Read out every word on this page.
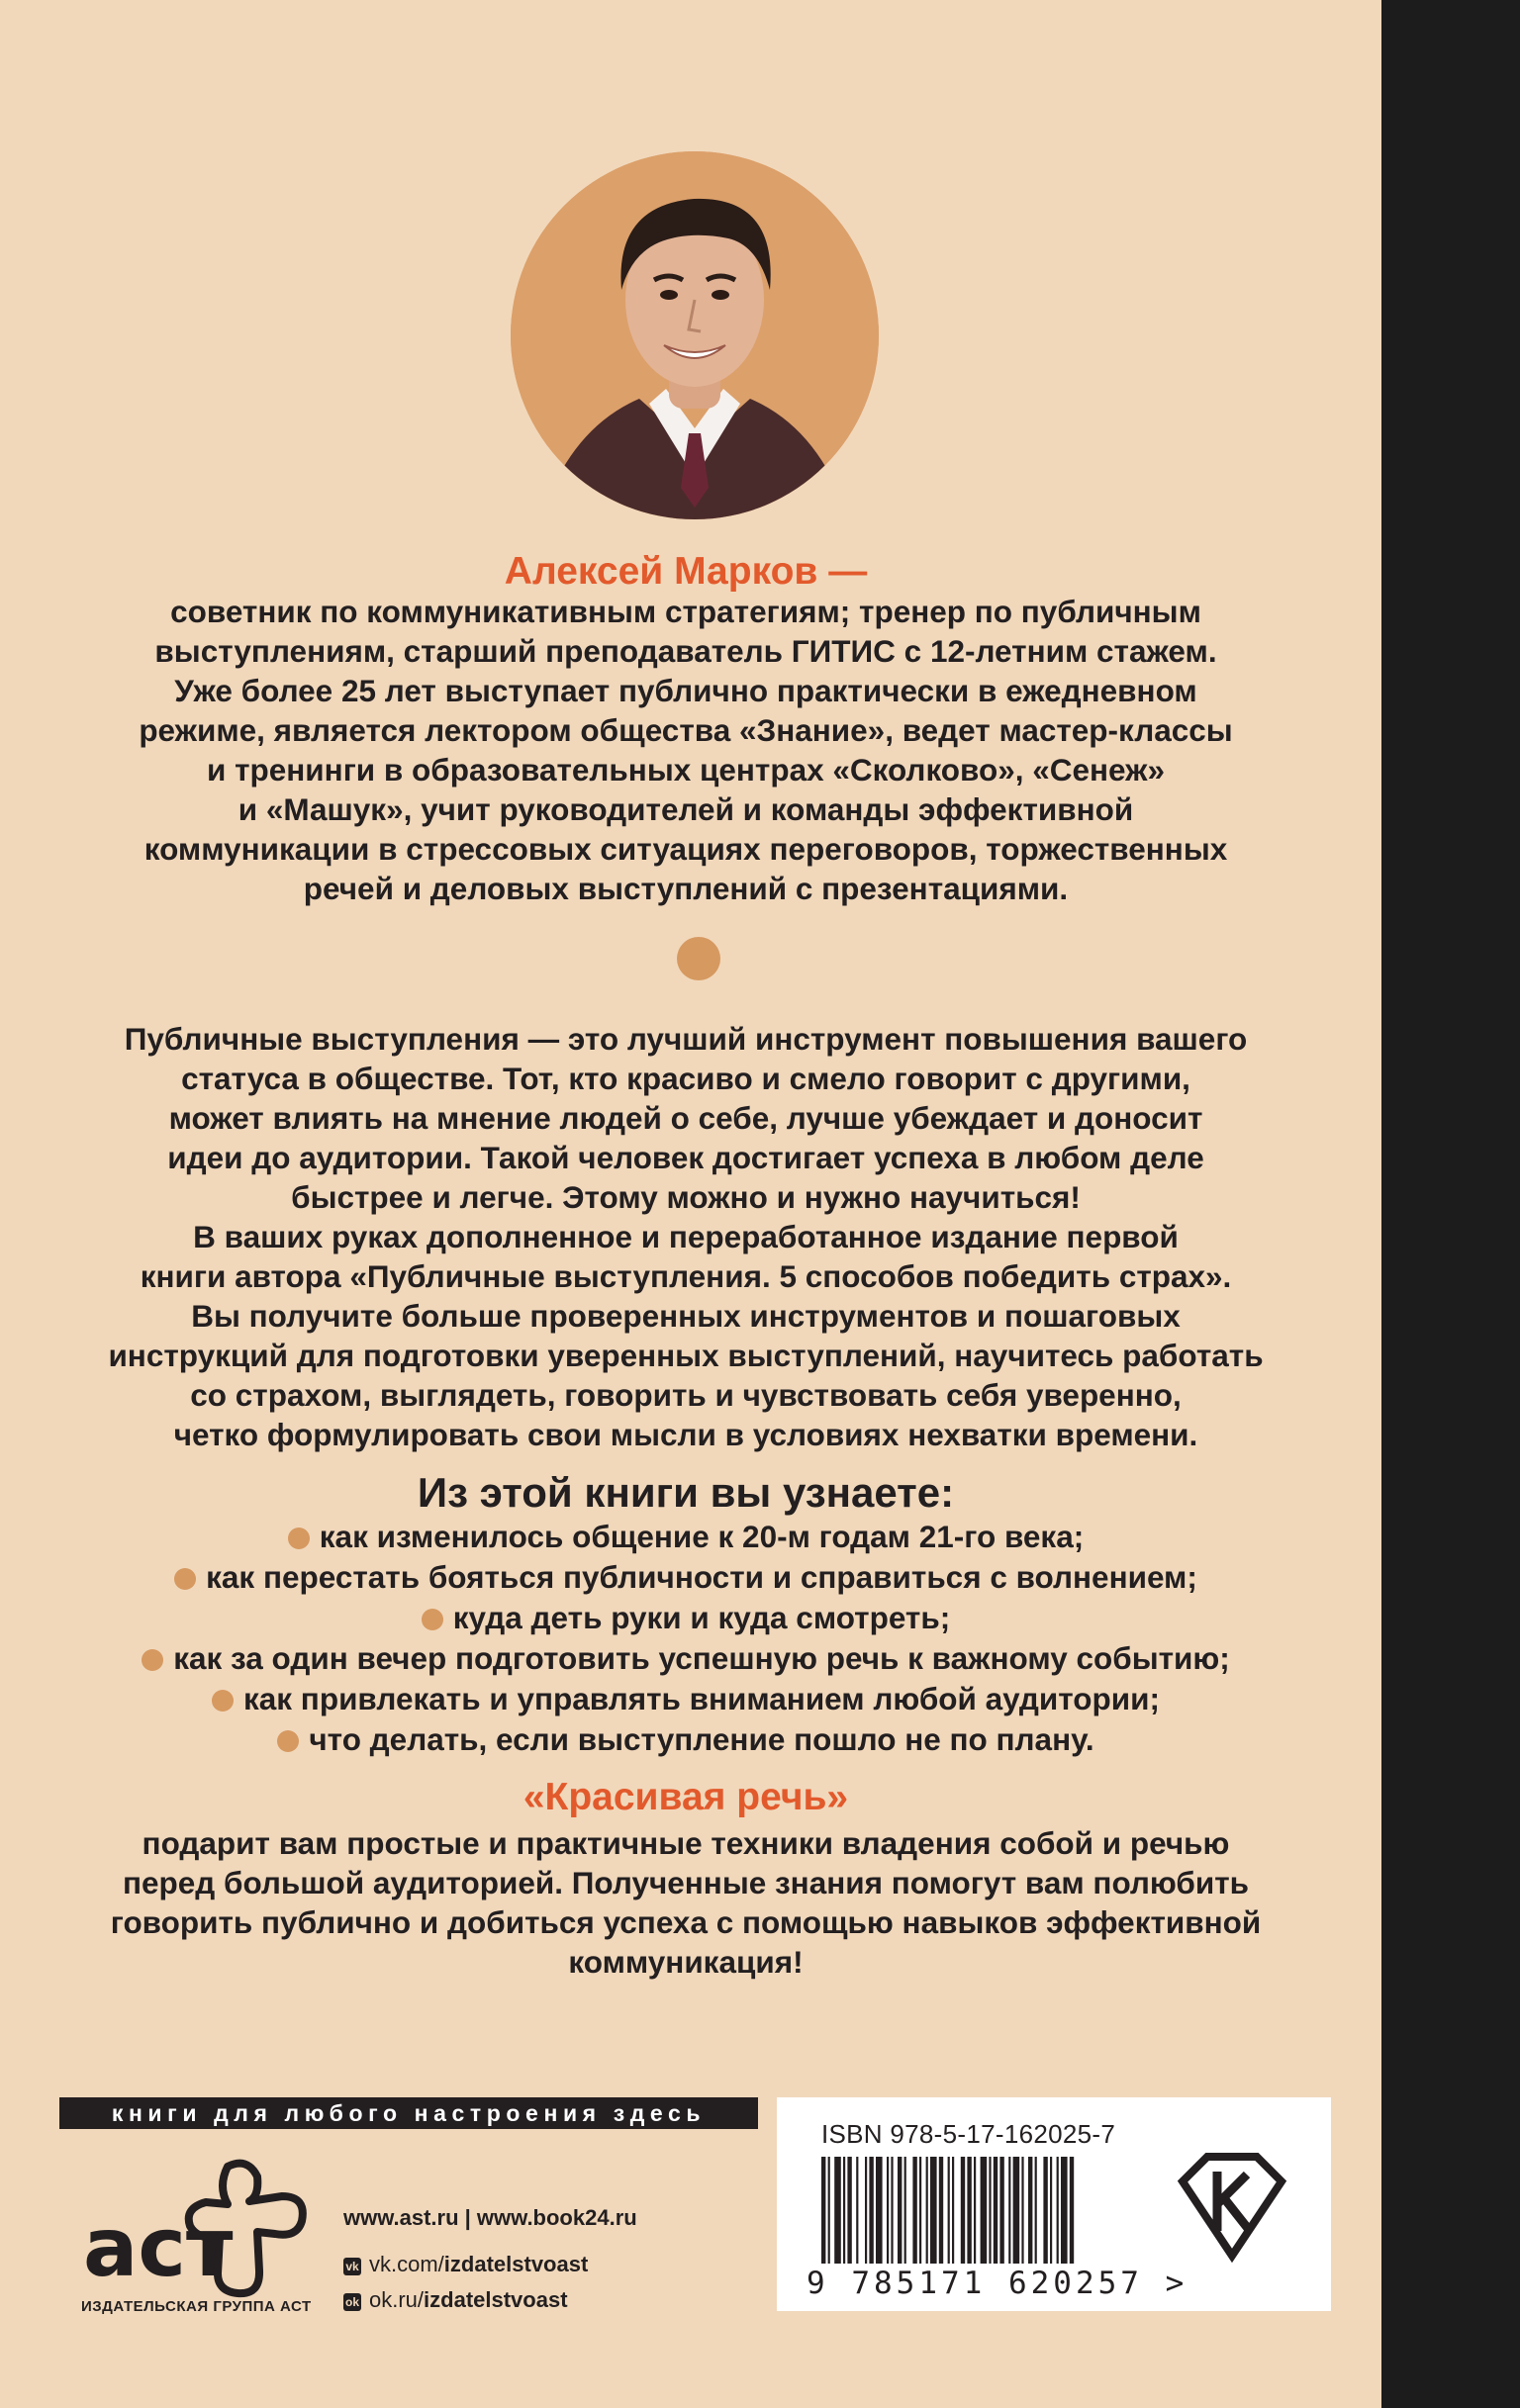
Алексей Марков —
советник по коммуникативным стратегиям; тренер по публичным
выступлениям, старший преподаватель ГИТИС с 12-летним стажем.
Уже более 25 лет выступает публично практически в ежедневном
режиме, является лектором общества «Знание», ведет мастер-классы
и тренинги в образовательных центрах «Сколково», «Сенеж»
и «Машук», учит руководителей и команды эффективной
коммуникации в стрессовых ситуациях переговоров, торжественных
речей и деловых выступлений с презентациями.
Публичные выступления — это лучший инструмент повышения вашего
статуса в обществе. Тот, кто красиво и смело говорит с другими,
может влиять на мнение людей о себе, лучше убеждает и доносит
идеи до аудитории. Такой человек достигает успеха в любом деле
быстрее и легче. Этому можно и нужно научиться!
В ваших руках дополненное и переработанное издание первой
книги автора «Публичные выступления. 5 способов победить страх».
Вы получите больше проверенных инструментов и пошаговых
инструкций для подготовки уверенных выступлений, научитесь работать
со страхом, выглядеть, говорить и чувствовать себя уверенно,
четко формулировать свои мысли в условиях нехватки времени.
Из этой книги вы узнаете:
как изменилось общение к 20-м годам 21-го века;
как перестать бояться публичности и справиться с волнением;
куда деть руки и куда смотреть;
как за один вечер подготовить успешную речь к важному событию;
как привлекать и управлять вниманием любой аудитории;
что делать, если выступление пошло не по плану.
«Красивая речь»
подарит вам простые и практичные техники владения собой и речью
перед большой аудиторией. Полученные знания помогут вам полюбить
говорить публично и добиться успеха с помощью навыков эффективной
коммуникация!
книги для любого настроения здесь
аст
ИЗДАТЕЛЬСКАЯ ГРУППА АСТ
www.ast.ru | www.book24.ru
vk vk.com/izdatelstvoast
ok ok.ru/izdatelstvoast
ISBN 978-5-17-162025-7
9 785171 620257 >
